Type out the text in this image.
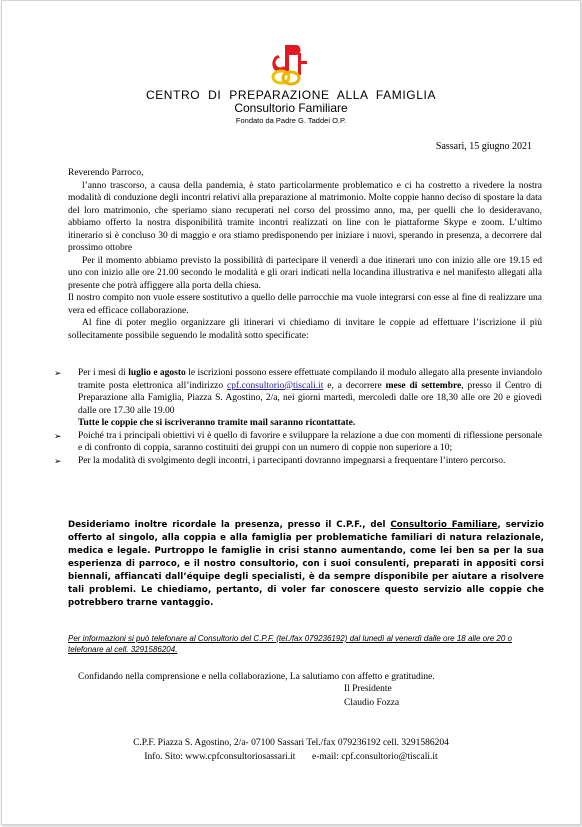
CENTRO DI PREPARAZIONE ALLA FAMIGLIA
Consultorio Familiare
Fondato da Padre G. Taddei O.P.
Sassari, 15 giugno 2021

Reverendo Parroco,

l’anno trascorso, a causa della pandemia, è stato particolarmente problematico e ci ha costretto a rivedere la nostra modalità di conduzione degli incontri relativi alla preparazione al matrimonio. Molte coppie hanno deciso di spostare la data del loro matrimonio, che speriamo siano recuperati nel corso del prossimo anno, ma, per quelli che lo desideravano, abbiamo offerto la nostra disponibilità tramite incontri realizzati on line con le piattaforme Skype e zoom. L’ultimo itinerario si è concluso 30 di maggio e ora stiamo predisponendo per iniziare i nuovi, sperando in presenza, a decorrere dal prossimo ottobre

Per il momento abbiamo previsto la possibilità di partecipare il venerdì a due itinerari uno con inizio alle ore 19.15 ed uno con inizio alle ore 21.00 secondo le modalità e gli orari indicati nella locandina illustrativa e nel manifesto allegati alla presente che potrà affiggere alla porta della chiesa.

Il nostro compito non vuole essere sostitutivo a quello delle parrocchie ma vuole integrarsi con esse al fine di realizzare una vera ed efficace collaborazione.

Al fine di poter meglio organizzare gli itinerari vi chiediamo di invitare le coppie ad effettuare l’iscrizione il più sollecitamente possibile seguendo le modalità sotto specificate:

➢ Per i mesi di luglio e agosto le iscrizioni possono essere effettuate compilando il modulo allegato alla presente inviandolo tramite posta elettronica all’indirizzo cpf.consultorio@tiscali.it e, a decorrere mese di settembre, presso il Centro di Preparazione alla Famiglia, Piazza S. Agostino, 2/a, nei giorni martedì, mercoledì dalle ore 18,30 alle ore 20 e giovedì dalle ore 17.30 alle 19.00
Tutte le coppie che si iscriveranno tramite mail saranno ricontattate.
➢ Poiché tra i principali obiettivi vi è quello di favorire e sviluppare la relazione a due con momenti di riflessione personale e di confronto di coppia, saranno costituiti dei gruppi con un numero di coppie non superiore a 10;
➢ Per la modalità di svolgimento degli incontri, i partecipanti dovranno impegnarsi a frequentare l’intero percorso.
Desideriamo inoltre ricordale la presenza, presso il C.P.F., del Consultorio Familiare, servizio offerto al singolo, alla coppia e alla famiglia per problematiche familiari di natura relazionale, medica e legale. Purtroppo le famiglie in crisi stanno aumentando, come lei ben sa per la sua esperienza di parroco, e il nostro consultorio, con i suoi consulenti, preparati in appositi corsi biennali, affiancati dall’équipe degli specialisti, è da sempre disponibile per aiutare a risolvere tali problemi. Le chiediamo, pertanto, di voler far conoscere questo servizio alle coppie che potrebbero trarne vantaggio.
Per informazioni si può telefonare al Consultorio del C.P.F. (tel./fax 079236192) dal lunedì al venerdì dalle ore 18 alle ore 20 o telefonare al cell. 3291586204.
Confidando nella comprensione e nella collaborazione, La salutiamo con affetto e gratitudine.
Il Presidente
Claudio Fozza
C.P.F. Piazza S. Agostino, 2/a- 07100 Sassari Tel./fax 079236192 cell. 3291586204
Info. Sito: www.cpfconsultoriosassari.it e-mail: cpf.consultorio@tiscali.it
